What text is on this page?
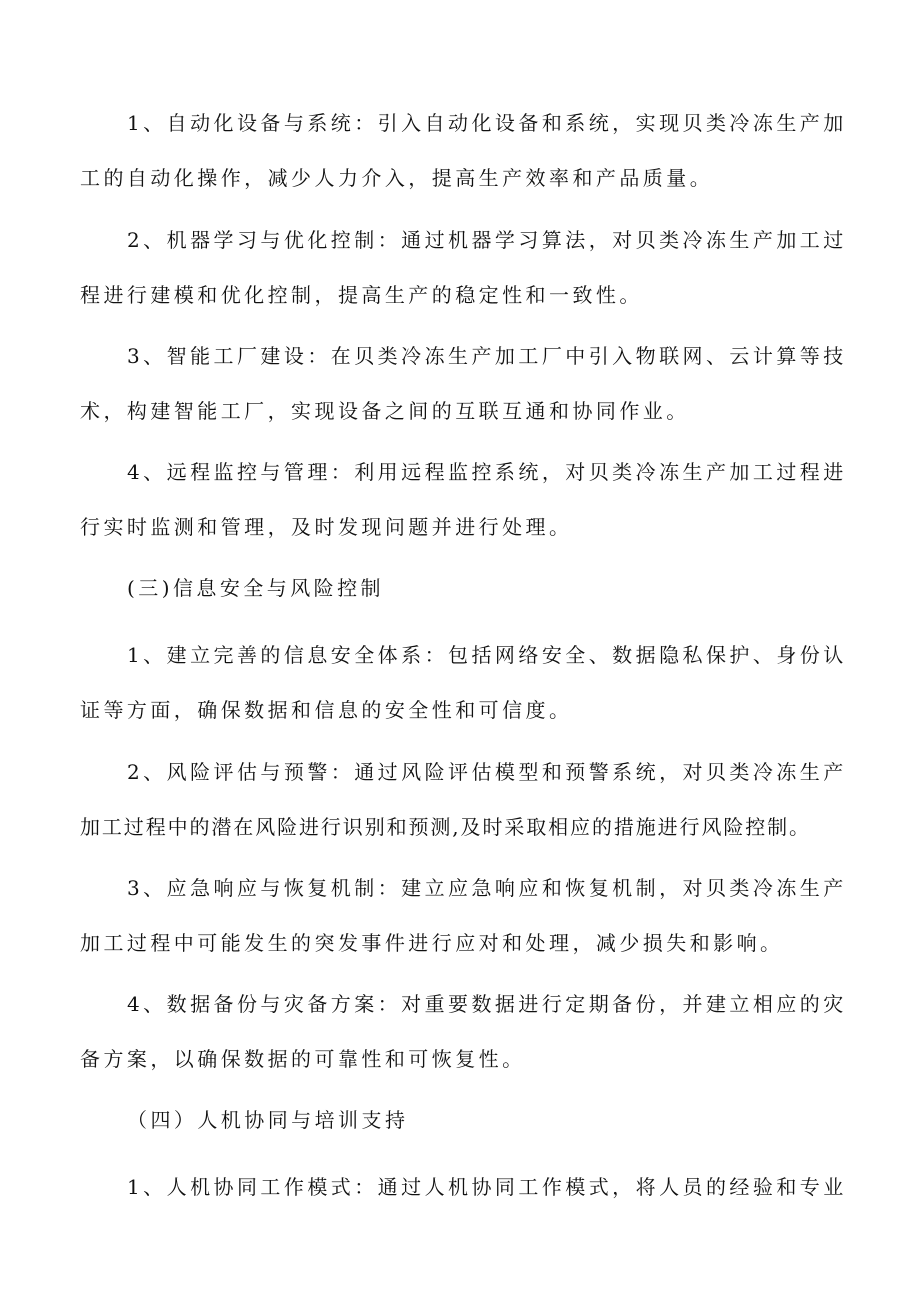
1、自动化设备与系统：引入自动化设备和系统，实现贝类冷冻生产加
工的自动化操作，减少人力介入，提高生产效率和产品质量。
2、机器学习与优化控制：通过机器学习算法，对贝类冷冻生产加工过
程进行建模和优化控制，提高生产的稳定性和一致性。
3、智能工厂建设：在贝类冷冻生产加工厂中引入物联网、云计算等技
术，构建智能工厂，实现设备之间的互联互通和协同作业。
4、远程监控与管理：利用远程监控系统，对贝类冷冻生产加工过程进
行实时监测和管理，及时发现问题并进行处理。
(三)信息安全与风险控制
1、建立完善的信息安全体系：包括网络安全、数据隐私保护、身份认
证等方面，确保数据和信息的安全性和可信度。
2、风险评估与预警：通过风险评估模型和预警系统，对贝类冷冻生产
加工过程中的潜在风险进行识别和预测,及时采取相应的措施进行风险控制。
3、应急响应与恢复机制：建立应急响应和恢复机制，对贝类冷冻生产
加工过程中可能发生的突发事件进行应对和处理，减少损失和影响。
4、数据备份与灾备方案：对重要数据进行定期备份，并建立相应的灾
备方案，以确保数据的可靠性和可恢复性。
（四）人机协同与培训支持
1、人机协同工作模式：通过人机协同工作模式，将人员的经验和专业
